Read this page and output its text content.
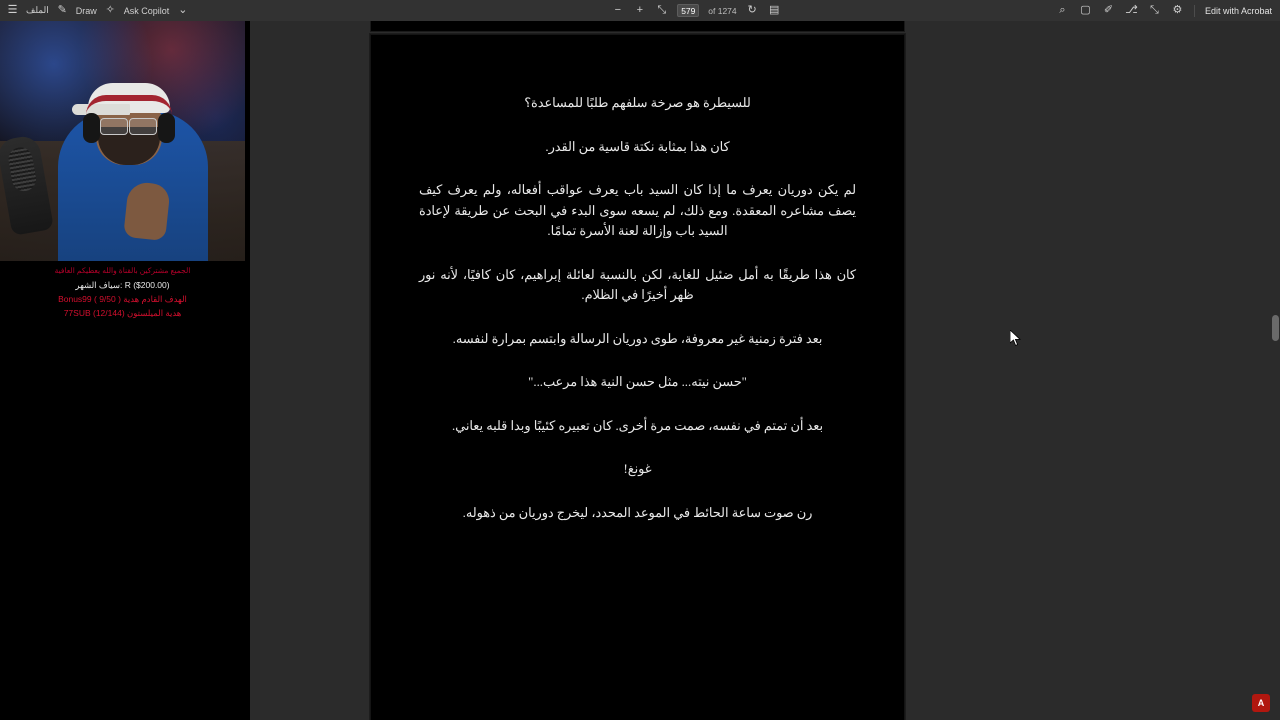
☰ الملف ✎ Draw ✧ Ask Copilot ⌄	− + ⤡	579	of 1274 ↻ ▤	⌕	▢ ✐ ⎇ ⤡ ⚙	Edit with Acrobat
الجميع مشتركين بالقناة والله يعطيكم العافية
سياف الشهر: R ($200.00)
Bonus99 ( 9/50 ) الهدف القادم هدية
77SUB (12/144) هدية الميلستون

للسيطرة هو صرخة سلفهم طلبًا للمساعدة؟

كان هذا بمثابة نكتة قاسية من القدر.

لم يكن دوريان يعرف ما إذا كان السيد باب يعرف عواقب أفعاله، ولم يعرف كيف يصف مشاعره المعقدة. ومع ذلك، لم يسعه سوى البدء في البحث عن طريقة لإعادة السيد باب وإزالة لعنة الأسرة تمامًا.

كان هذا طريقًا به أمل ضئيل للغاية، لكن بالنسبة لعائلة إبراهيم، كان كافيًا، لأنه نور ظهر أخيرًا في الظلام.

بعد فترة زمنية غير معروفة، طوى دوريان الرسالة وابتسم بمرارة لنفسه.

"حسن نيته... مثل حسن النية هذا مرعب..."

بعد أن تمتم في نفسه، صمت مرة أخرى. كان تعبيره كئيبًا وبدا قلبه يعاني.

غونغ!

رن صوت ساعة الحائط في الموعد المحدد، ليخرج دوريان من ذهوله.

A
